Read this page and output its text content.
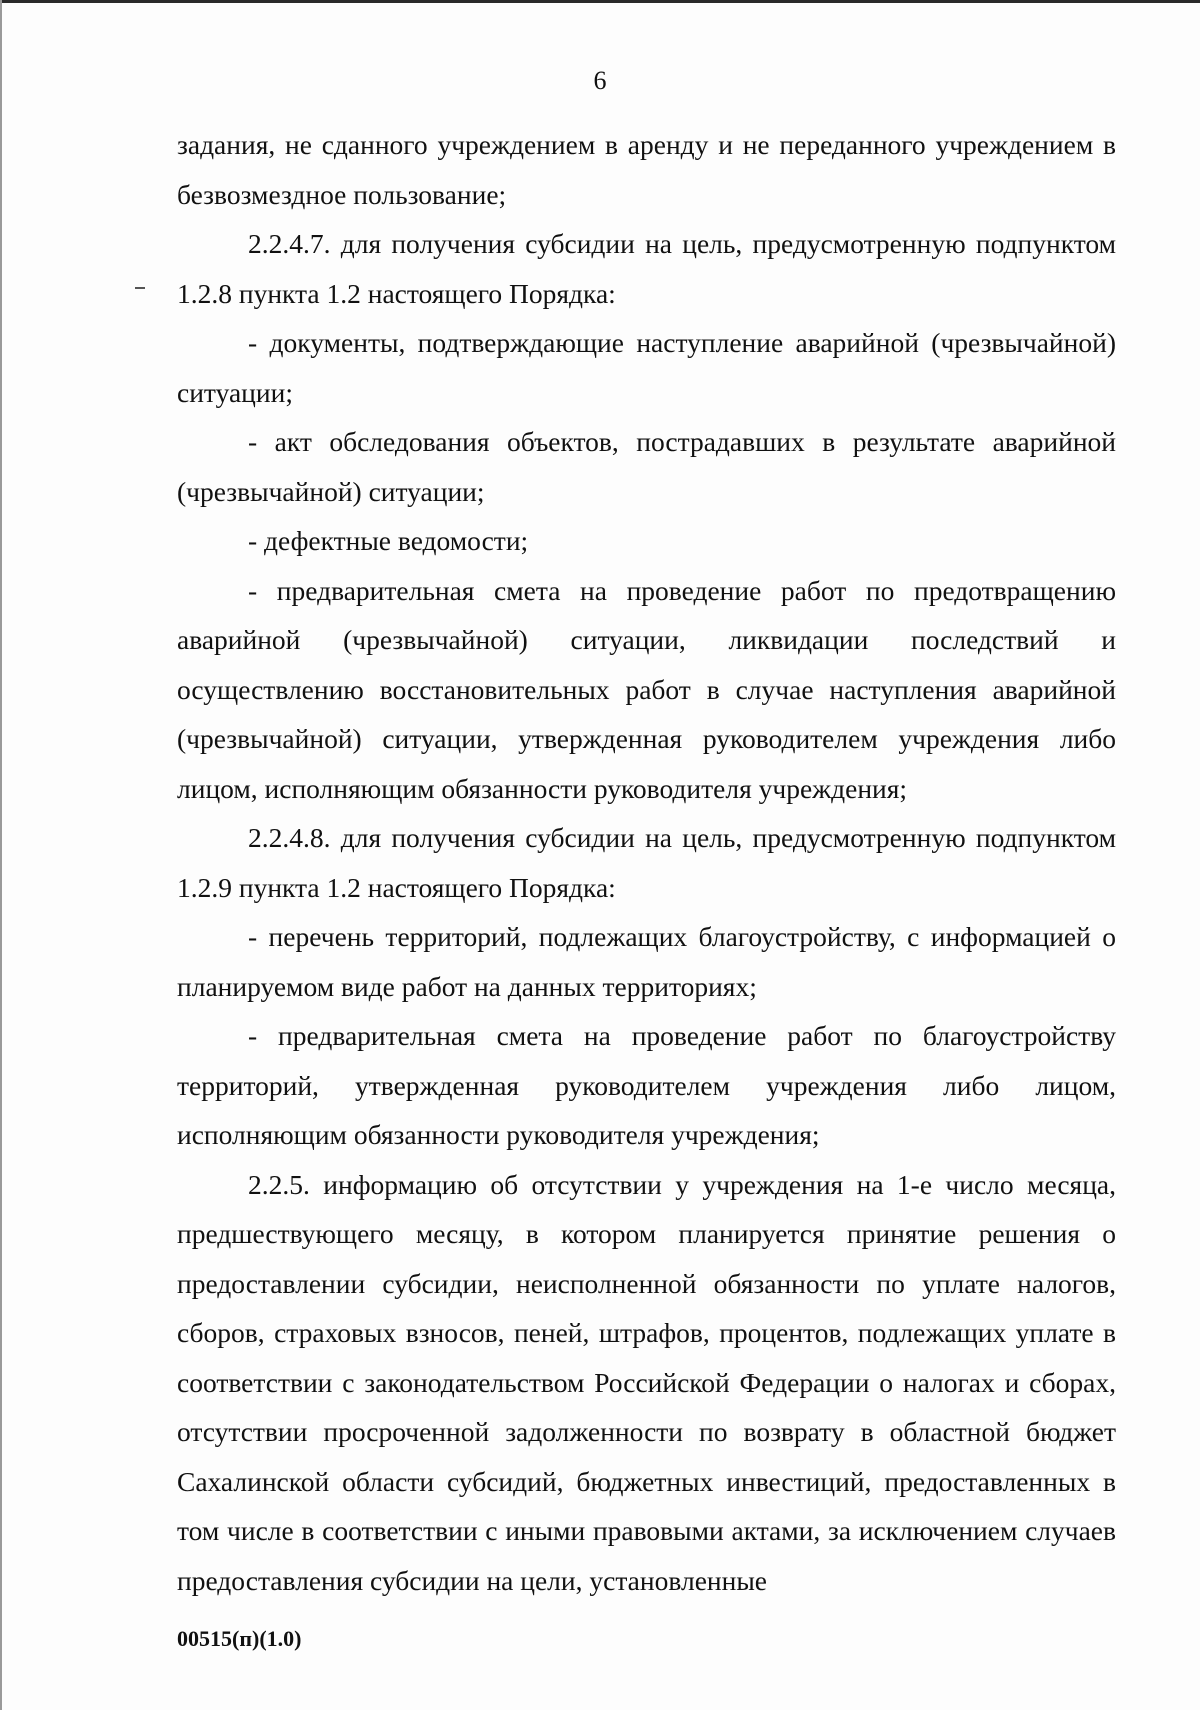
6

задания, не сданного учреждением в аренду и не переданного учреждением в безвозмездное пользование;

2.2.4.7. для получения субсидии на цель, предусмотренную подпунктом 1.2.8 пункта 1.2 настоящего Порядка:

- документы, подтверждающие наступление аварийной (чрезвычайной) ситуации;

- акт обследования объектов, пострадавших в результате аварийной (чрезвычайной) ситуации;

- дефектные ведомости;

- предварительная смета на проведение работ по предотвращению аварийной (чрезвычайной) ситуации, ликвидации последствий и осуществлению восстановительных работ в случае наступления аварийной (чрезвычайной) ситуации, утвержденная руководителем учреждения либо лицом, исполняющим обязанности руководителя учреждения;

2.2.4.8. для получения субсидии на цель, предусмотренную подпунктом 1.2.9 пункта 1.2 настоящего Порядка:

- перечень территорий, подлежащих благоустройству, с информацией о планируемом виде работ на данных территориях;

- предварительная смета на проведение работ по благоустройству территорий, утвержденная руководителем учреждения либо лицом, исполняющим обязанности руководителя учреждения;

2.2.5. информацию об отсутствии у учреждения на 1-е число месяца, предшествующего месяцу, в котором планируется принятие решения о предоставлении субсидии, неисполненной обязанности по уплате налогов, сборов, страховых взносов, пеней, штрафов, процентов, подлежащих уплате в соответствии с законодательством Российской Федерации о налогах и сборах, отсутствии просроченной задолженности по возврату в областной бюджет Сахалинской области субсидий, бюджетных инвестиций, предоставленных в том числе в соответствии с иными правовыми актами, за исключением случаев предоставления субсидии на цели, установленные

00515(п)(1.0)
